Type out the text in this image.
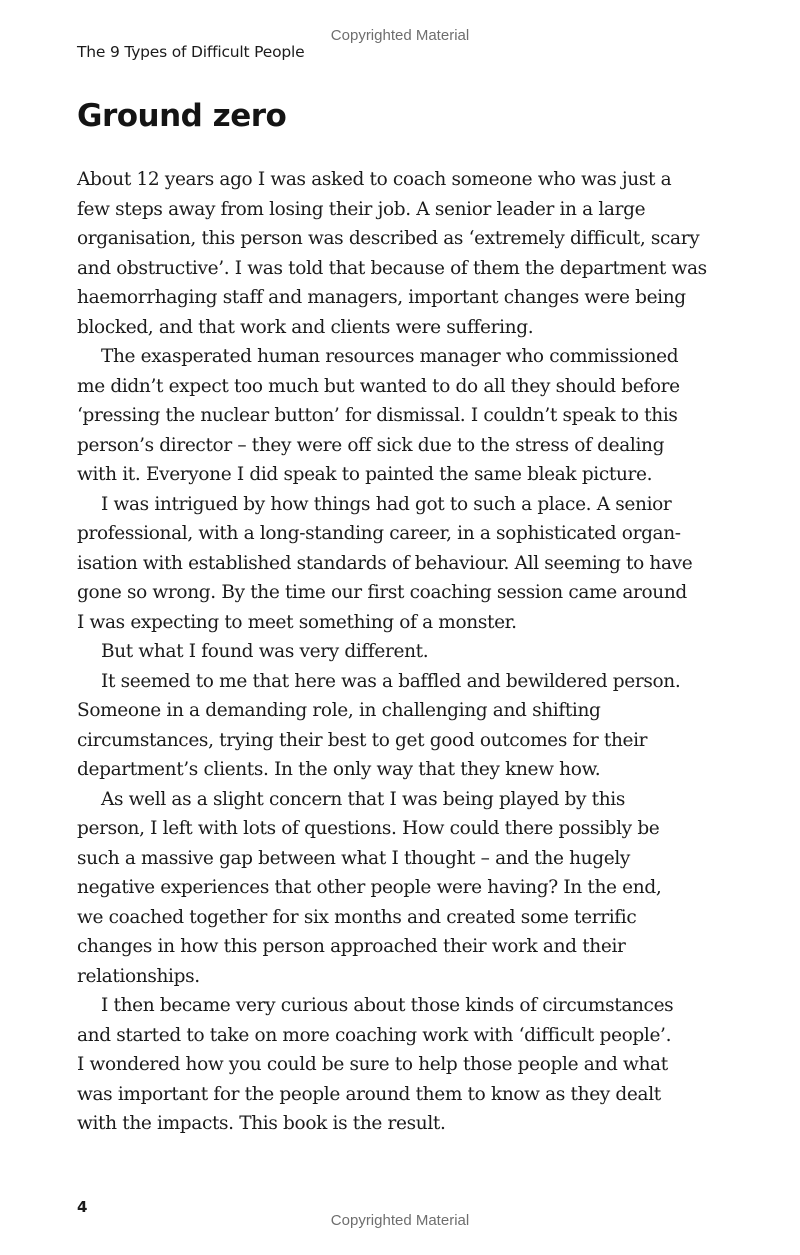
Copyrighted Material
The 9 Types of Difficult People
Ground zero

About 12 years ago I was asked to coach someone who was just a
few steps away from losing their job. A senior leader in a large
organisation, this person was described as ‘extremely difficult, scary
and obstructive’. I was told that because of them the department was
haemorrhaging staff and managers, important changes were being
blocked, and that work and clients were suffering.

The exasperated human resources manager who commissioned
me didn’t expect too much but wanted to do all they should before
‘pressing the nuclear button’ for dismissal. I couldn’t speak to this
person’s director – they were off sick due to the stress of dealing
with it. Everyone I did speak to painted the same bleak picture.

I was intrigued by how things had got to such a place. A senior
professional, with a long-standing career, in a sophisticated organ-
isation with established standards of behaviour. All seeming to have
gone so wrong. By the time our first coaching session came around
I was expecting to meet something of a monster.

But what I found was very different.

It seemed to me that here was a baffled and bewildered person.
Someone in a demanding role, in challenging and shifting
circumstances, trying their best to get good outcomes for their
department’s clients. In the only way that they knew how.

As well as a slight concern that I was being played by this
person, I left with lots of questions. How could there possibly be
such a massive gap between what I thought – and the hugely
negative experiences that other people were having? In the end,
we coached together for six months and created some terrific
changes in how this person approached their work and their
relationships.

I then became very curious about those kinds of circumstances
and started to take on more coaching work with ‘difficult people’.
I wondered how you could be sure to help those people and what
was important for the people around them to know as they dealt
with the impacts. This book is the result.

4
Copyrighted Material
